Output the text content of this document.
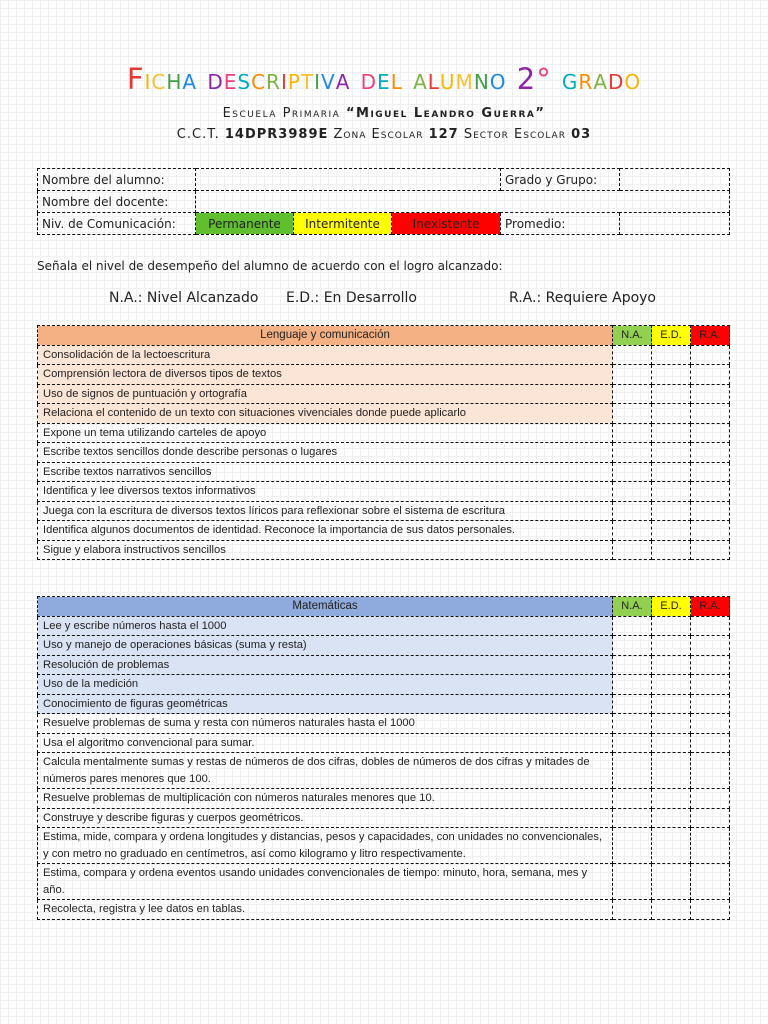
Ficha descriptiva del alumno 2° grado
Escuela Primaria “Miguel Leandro Guerra”
C.C.T. 14DPR3989E Zona Escolar 127 Sector Escolar 03
Nombre del alumno:				Grado y Grupo:	
Nombre del docente:					
Niv. de Comunicación:	Permanente	Intermitente	Inexistente	Promedio:	
Señala el nivel de desempeño del alumno de acuerdo con el logro alcanzado:
N.A.: Nivel Alcanzado E.D.: En Desarrollo	R.A.: Requiere Apoyo
Lenguaje y comunicación	N.A.	E.D.	R.A.
Consolidación de la lectoescritura			
Comprensión lectora de diversos tipos de textos			
Uso de signos de puntuación y ortografía			
Relaciona el contenido de un texto con situaciones vivenciales donde puede aplicarlo			
Expone un tema utilizando carteles de apoyo			
Escribe textos sencillos donde describe personas o lugares			
Escribe textos narrativos sencillos			
Identifica y lee diversos textos informativos			
Juega con la escritura de diversos textos líricos para reflexionar sobre el sistema de escritura			
Identifica algunos documentos de identidad. Reconoce la importancia de sus datos personales.			
Sigue y elabora instructivos sencillos			
Matemáticas	N.A.	E.D.	R.A.
Lee y escribe números hasta el 1000			
Uso y manejo de operaciones básicas (suma y resta)			
Resolución de problemas			
Uso de la medición			
Conocimiento de figuras geométricas			
Resuelve problemas de suma y resta con números naturales hasta el 1000			
Usa el algoritmo convencional para sumar.			
Calcula mentalmente sumas y restas de números de dos cifras, dobles de números de dos cifras y mitades de números pares menores que 100.			
Resuelve problemas de multiplicación con números naturales menores que 10.			
Construye y describe figuras y cuerpos geométricos.			
Estima, mide, compara y ordena longitudes y distancias, pesos y capacidades, con unidades no convencionales, y con metro no graduado en centímetros, así como kilogramo y litro respectivamente.			
Estima, compara y ordena eventos usando unidades convencionales de tiempo: minuto, hora, semana, mes y año.			
Recolecta, registra y lee datos en tablas.			
